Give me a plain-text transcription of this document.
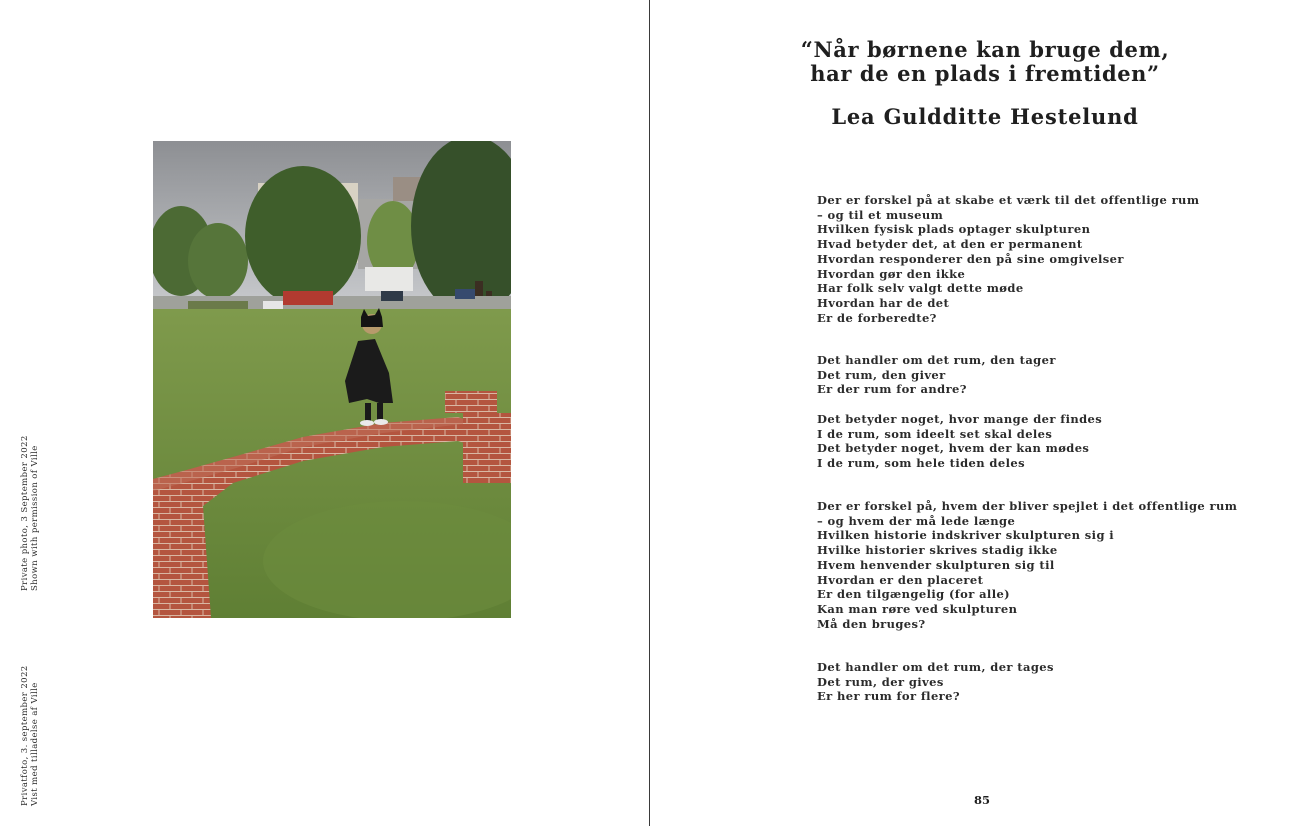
Private photo, 3 September 2022 Shown with permission of Ville
Privatfoto, 3. september 2022 Vist med tilladelse af Ville
“Når børnene kan bruge dem,
har de en plads i fremtiden”
Lea Guldditte Hestelund
Der er forskel på at skabe et værk til det offentlige rum
– og til et museum
Hvilken fysisk plads optager skulpturen
Hvad betyder det, at den er permanent
Hvordan responderer den på sine omgivelser
Hvordan gør den ikke
Har folk selv valgt dette møde
Hvordan har de det
Er de forberedte?
Det handler om det rum, den tager
Det rum, den giver
Er der rum for andre?
Det betyder noget, hvor mange der findes
I de rum, som ideelt set skal deles
Det betyder noget, hvem der kan mødes
I de rum, som hele tiden deles
Der er forskel på, hvem der bliver spejlet i det offentlige rum
– og hvem der må lede længe
Hvilken historie indskriver skulpturen sig i
Hvilke historier skrives stadig ikke
Hvem henvender skulpturen sig til
Hvordan er den placeret
Er den tilgængelig (for alle)
Kan man røre ved skulpturen
Må den bruges?
Det handler om det rum, der tages
Det rum, der gives
Er her rum for flere?
85
